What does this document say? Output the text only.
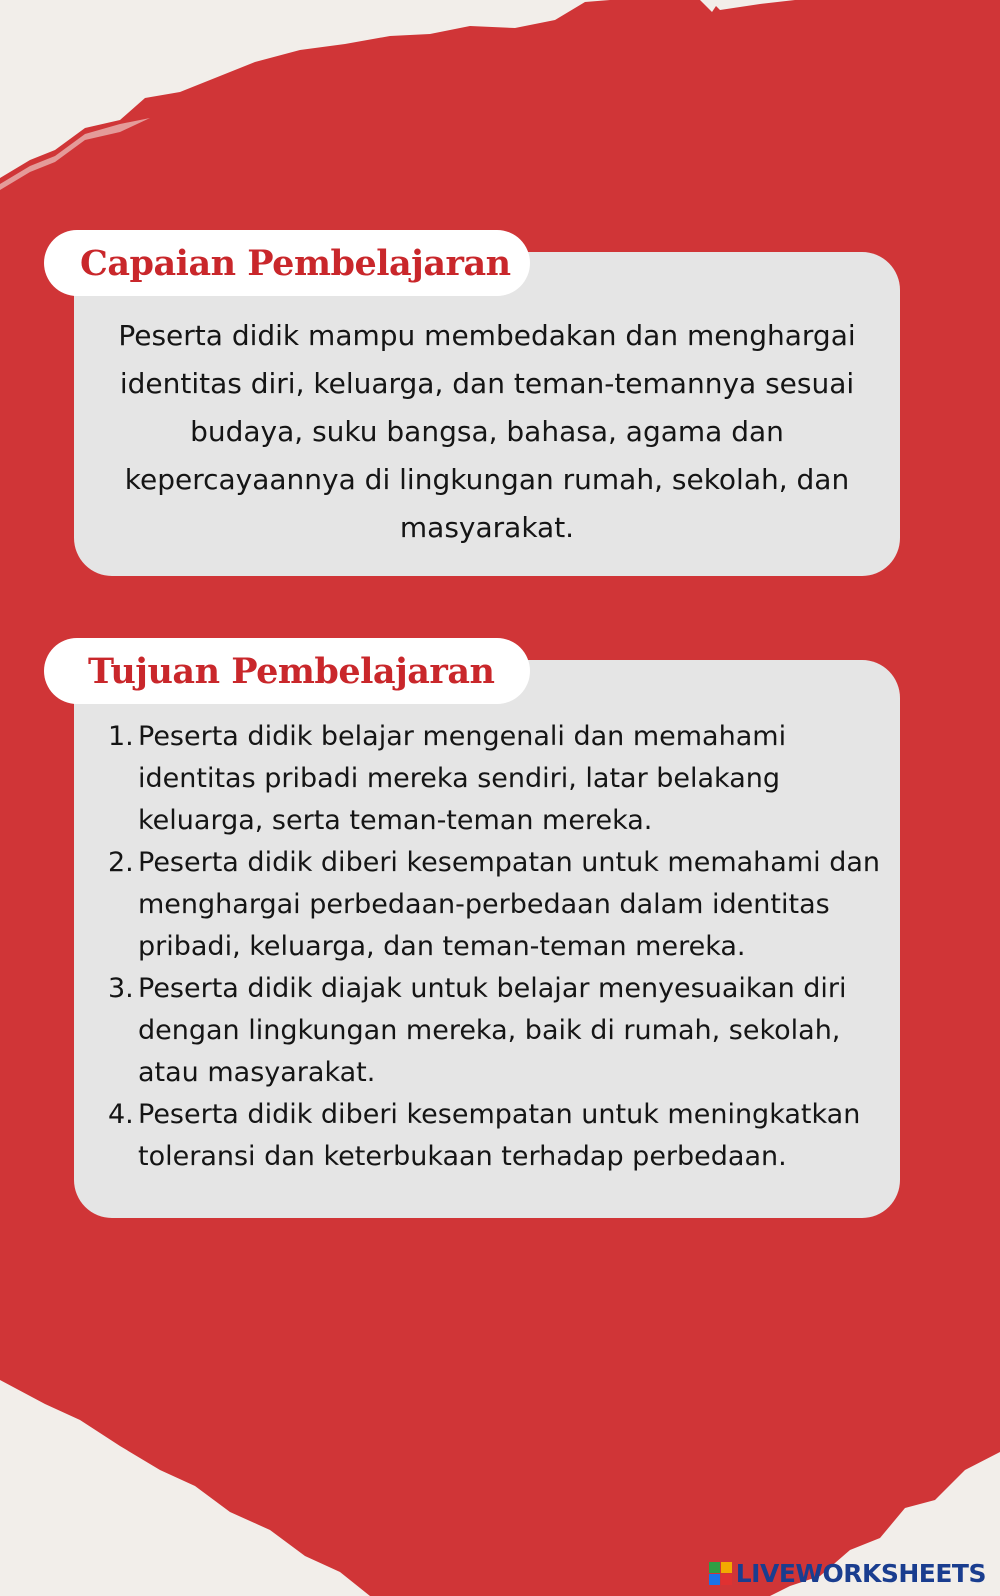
Capaian Pembelajaran

Peserta didik mampu membedakan dan menghargai identitas diri, keluarga, dan teman-temannya sesuai budaya, suku bangsa, bahasa, agama dan kepercayaannya di lingkungan rumah, sekolah, dan masyarakat.

Tujuan Pembelajaran
1. Peserta didik belajar mengenali dan memahami identitas pribadi mereka sendiri, latar belakang keluarga, serta teman-teman mereka.
2. Peserta didik diberi kesempatan untuk memahami dan menghargai perbedaan-perbedaan dalam identitas pribadi, keluarga, dan teman-teman mereka.
3. Peserta didik diajak untuk belajar menyesuaikan diri dengan lingkungan mereka, baik di rumah, sekolah, atau masyarakat.
4. Peserta didik diberi kesempatan untuk meningkatkan toleransi dan keterbukaan terhadap perbedaan.
LIVEWORKSHEETS
